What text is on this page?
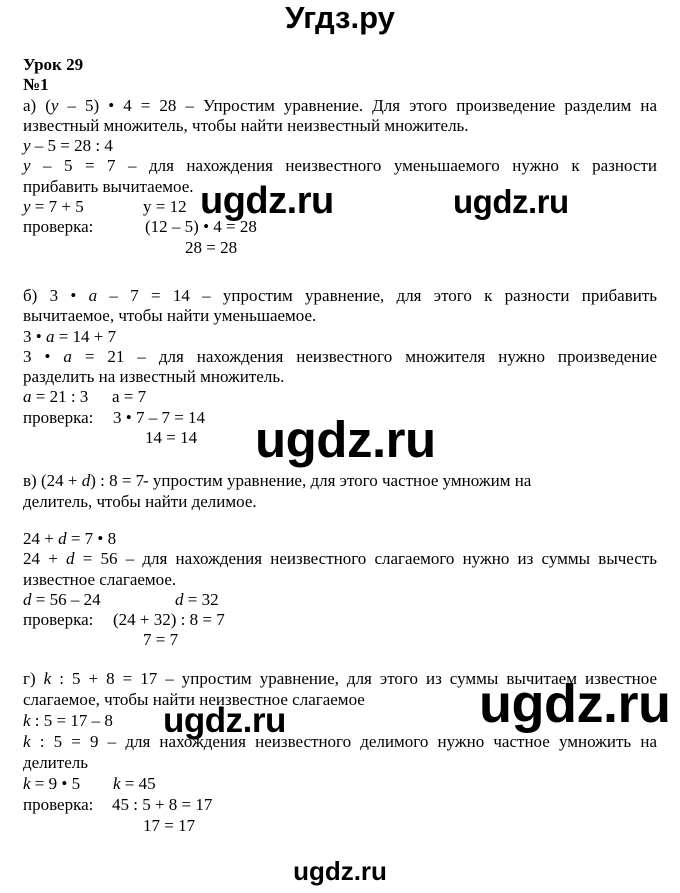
Угдз.ру
Урок 29
№1
а) (y – 5) • 4 = 28 – Упростим уравнение. Для этого произведение разделим на
известный множитель, чтобы найти неизвестный множитель.
y – 5 = 28 : 4
y – 5 = 7 – для нахождения неизвестного уменьшаемого нужно к разности
прибавить вычитаемое.
y = 7 + 5	y = 12
проверка:	(12 – 5) • 4 = 28
28 = 28
б) 3 • a – 7 = 14 – упростим уравнение, для этого к разности прибавить
вычитаемое, чтобы найти уменьшаемое.
3 • a = 14 + 7
3 • a = 21 – для нахождения неизвестного множителя нужно произведение
разделить на известный множитель.
a = 21 : 3 a = 7
проверка: 3 • 7 – 7 = 14
14 = 14
в) (24 + d) : 8 = 7
- упростим уравнение, для этого частное умножим на
делитель, чтобы найти делимое.
24 + d = 7 • 8
24 + d = 56 – для нахождения неизвестного слагаемого нужно из суммы вычесть
известное слагаемое.
d = 56 – 24	d = 32
проверка: (24 + 32) : 8 = 7
7 = 7
г) k : 5 + 8 = 17 – упростим уравнение, для этого из суммы вычитаем известное
слагаемое, чтобы найти неизвестное слагаемое
k : 5 = 17 – 8
k : 5 = 9 – для нахождения неизвестного делимого нужно частное умножить на
делитель
k = 9 • 5 k = 45
проверка: 45 : 5 + 8 = 17
17 = 17
ugdz.ru	ugdz.ru
ugdz.ru
ugdz.ru	ugdz.ru
ugdz.ru
